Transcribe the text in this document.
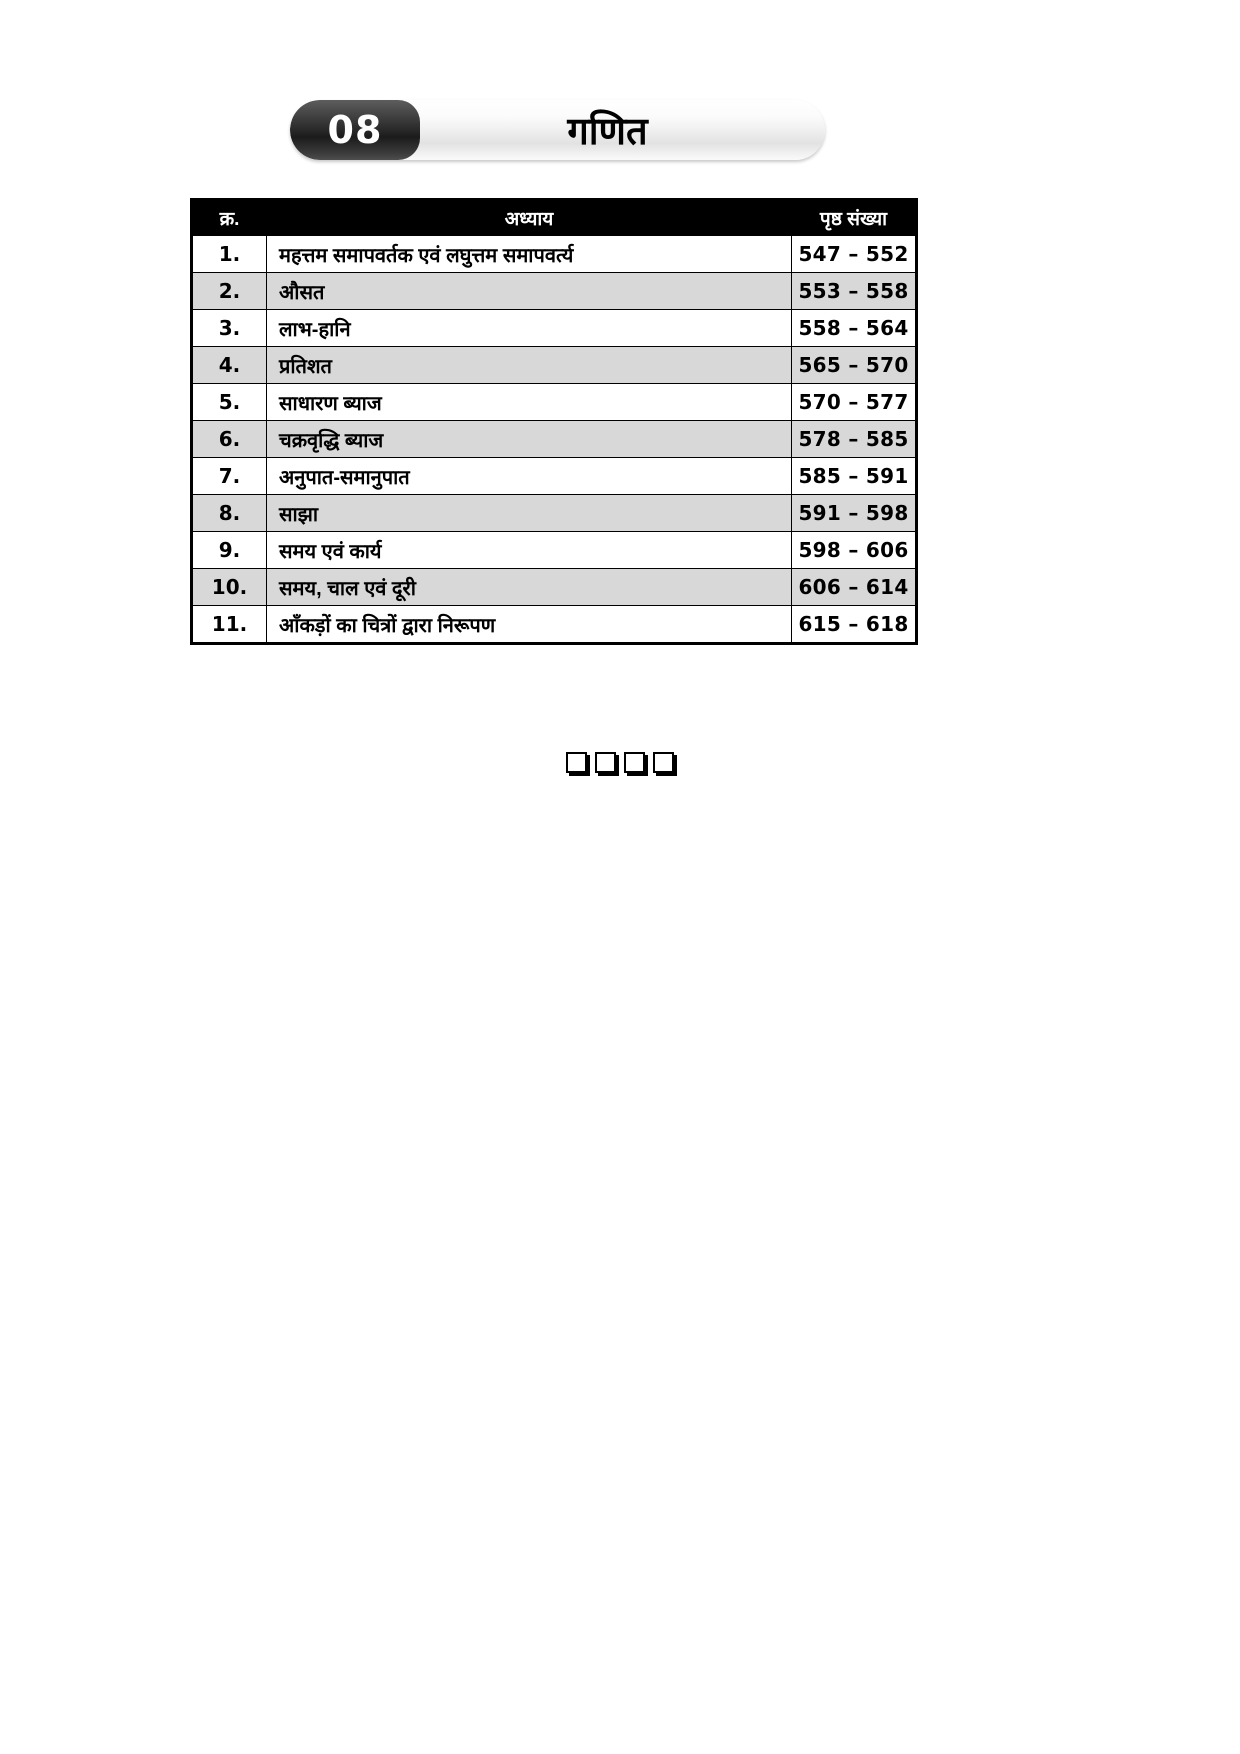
08	गणित
क्र.	अध्याय	पृष्ठ संख्या
1.	महत्तम समापवर्तक एवं लघुत्तम समापवर्त्य	547 – 552
2.	औसत	553 – 558
3.	लाभ-हानि	558 – 564
4.	प्रतिशत	565 – 570
5.	साधारण ब्याज	570 – 577
6.	चक्रवृद्धि ब्याज	578 – 585
7.	अनुपात-समानुपात	585 – 591
8.	साझा	591 – 598
9.	समय एवं कार्य	598 – 606
10.	समय, चाल एवं दूरी	606 – 614
11.	आँकड़ों का चित्रों द्वारा निरूपण	615 – 618
